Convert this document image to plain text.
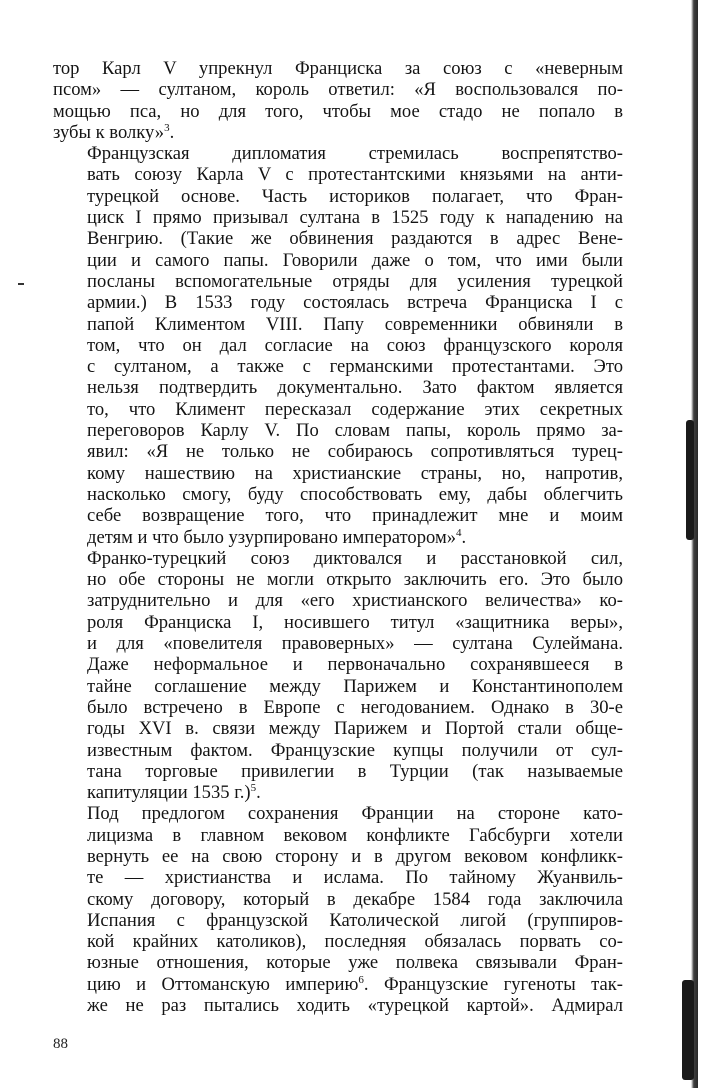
тор Карл V упрекнул Франциска за союз с «неверным
псом» — султаном, король ответил: «Я воспользовался по-
мощью пса, но для того, чтобы мое стадо не попало в
зубы к волку»$^3$.

Французская дипломатия стремилась воспрепятство-
вать союзу Карла V с протестантскими князьями на анти-
турецкой основе. Часть историков полагает, что Фран-
циск I прямо призывал султана в 1525 году к нападению на
Венгрию. (Такие же обвинения раздаются в адрес Вене-
ции и самого папы. Говорили даже о том, что ими были
посланы вспомогательные отряды для усиления турецкой
армии.) В 1533 году состоялась встреча Франциска I с
папой Климентом VIII. Папу современники обвиняли в
том, что он дал согласие на союз французского короля
с султаном, а также с германскими протестантами. Это
нельзя подтвердить документально. Зато фактом является
то, что Климент пересказал содержание этих секретных
переговоров Карлу V. По словам папы, король прямо за-
явил: «Я не только не собираюсь сопротивляться турец-
кому нашествию на христианские страны, но, напротив,
насколько смогу, буду способствовать ему, дабы облегчить
себе возвращение того, что принадлежит мне и моим
детям и что было узурпировано императором»$^4$.

Франко-турецкий союз диктовался и расстановкой сил,
но обе стороны не могли открыто заключить его. Это было
затруднительно и для «его христианского величества» ко-
роля Франциска I, носившего титул «защитника веры»,
и для «повелителя правоверных» — султана Сулеймана.
Даже неформальное и первоначально сохранявшееся в
тайне соглашение между Парижем и Константинополем
было встречено в Европе с негодованием. Однако в 30-е
годы XVI в. связи между Парижем и Портой стали обще-
известным фактом. Французские купцы получили от сул-
тана торговые привилегии в Турции (так называемые
капитуляции 1535 г.)$^5$.

Под предлогом сохранения Франции на стороне като-
лицизма в главном вековом конфликте Габсбурги хотели
вернуть ее на свою сторону и в другом вековом конфликк-
те — христианства и ислама. По тайному Жуанвиль-
скому договору, который в декабре 1584 года заключила
Испания с французской Католической лигой (группиров-
кой крайних католиков), последняя обязалась порвать со-
юзные отношения, которые уже полвека связывали Фран-
цию и Оттоманскую империю$^6$. Французские гугеноты так-
же не раз пытались ходить «турецкой картой». Адмирал

88
